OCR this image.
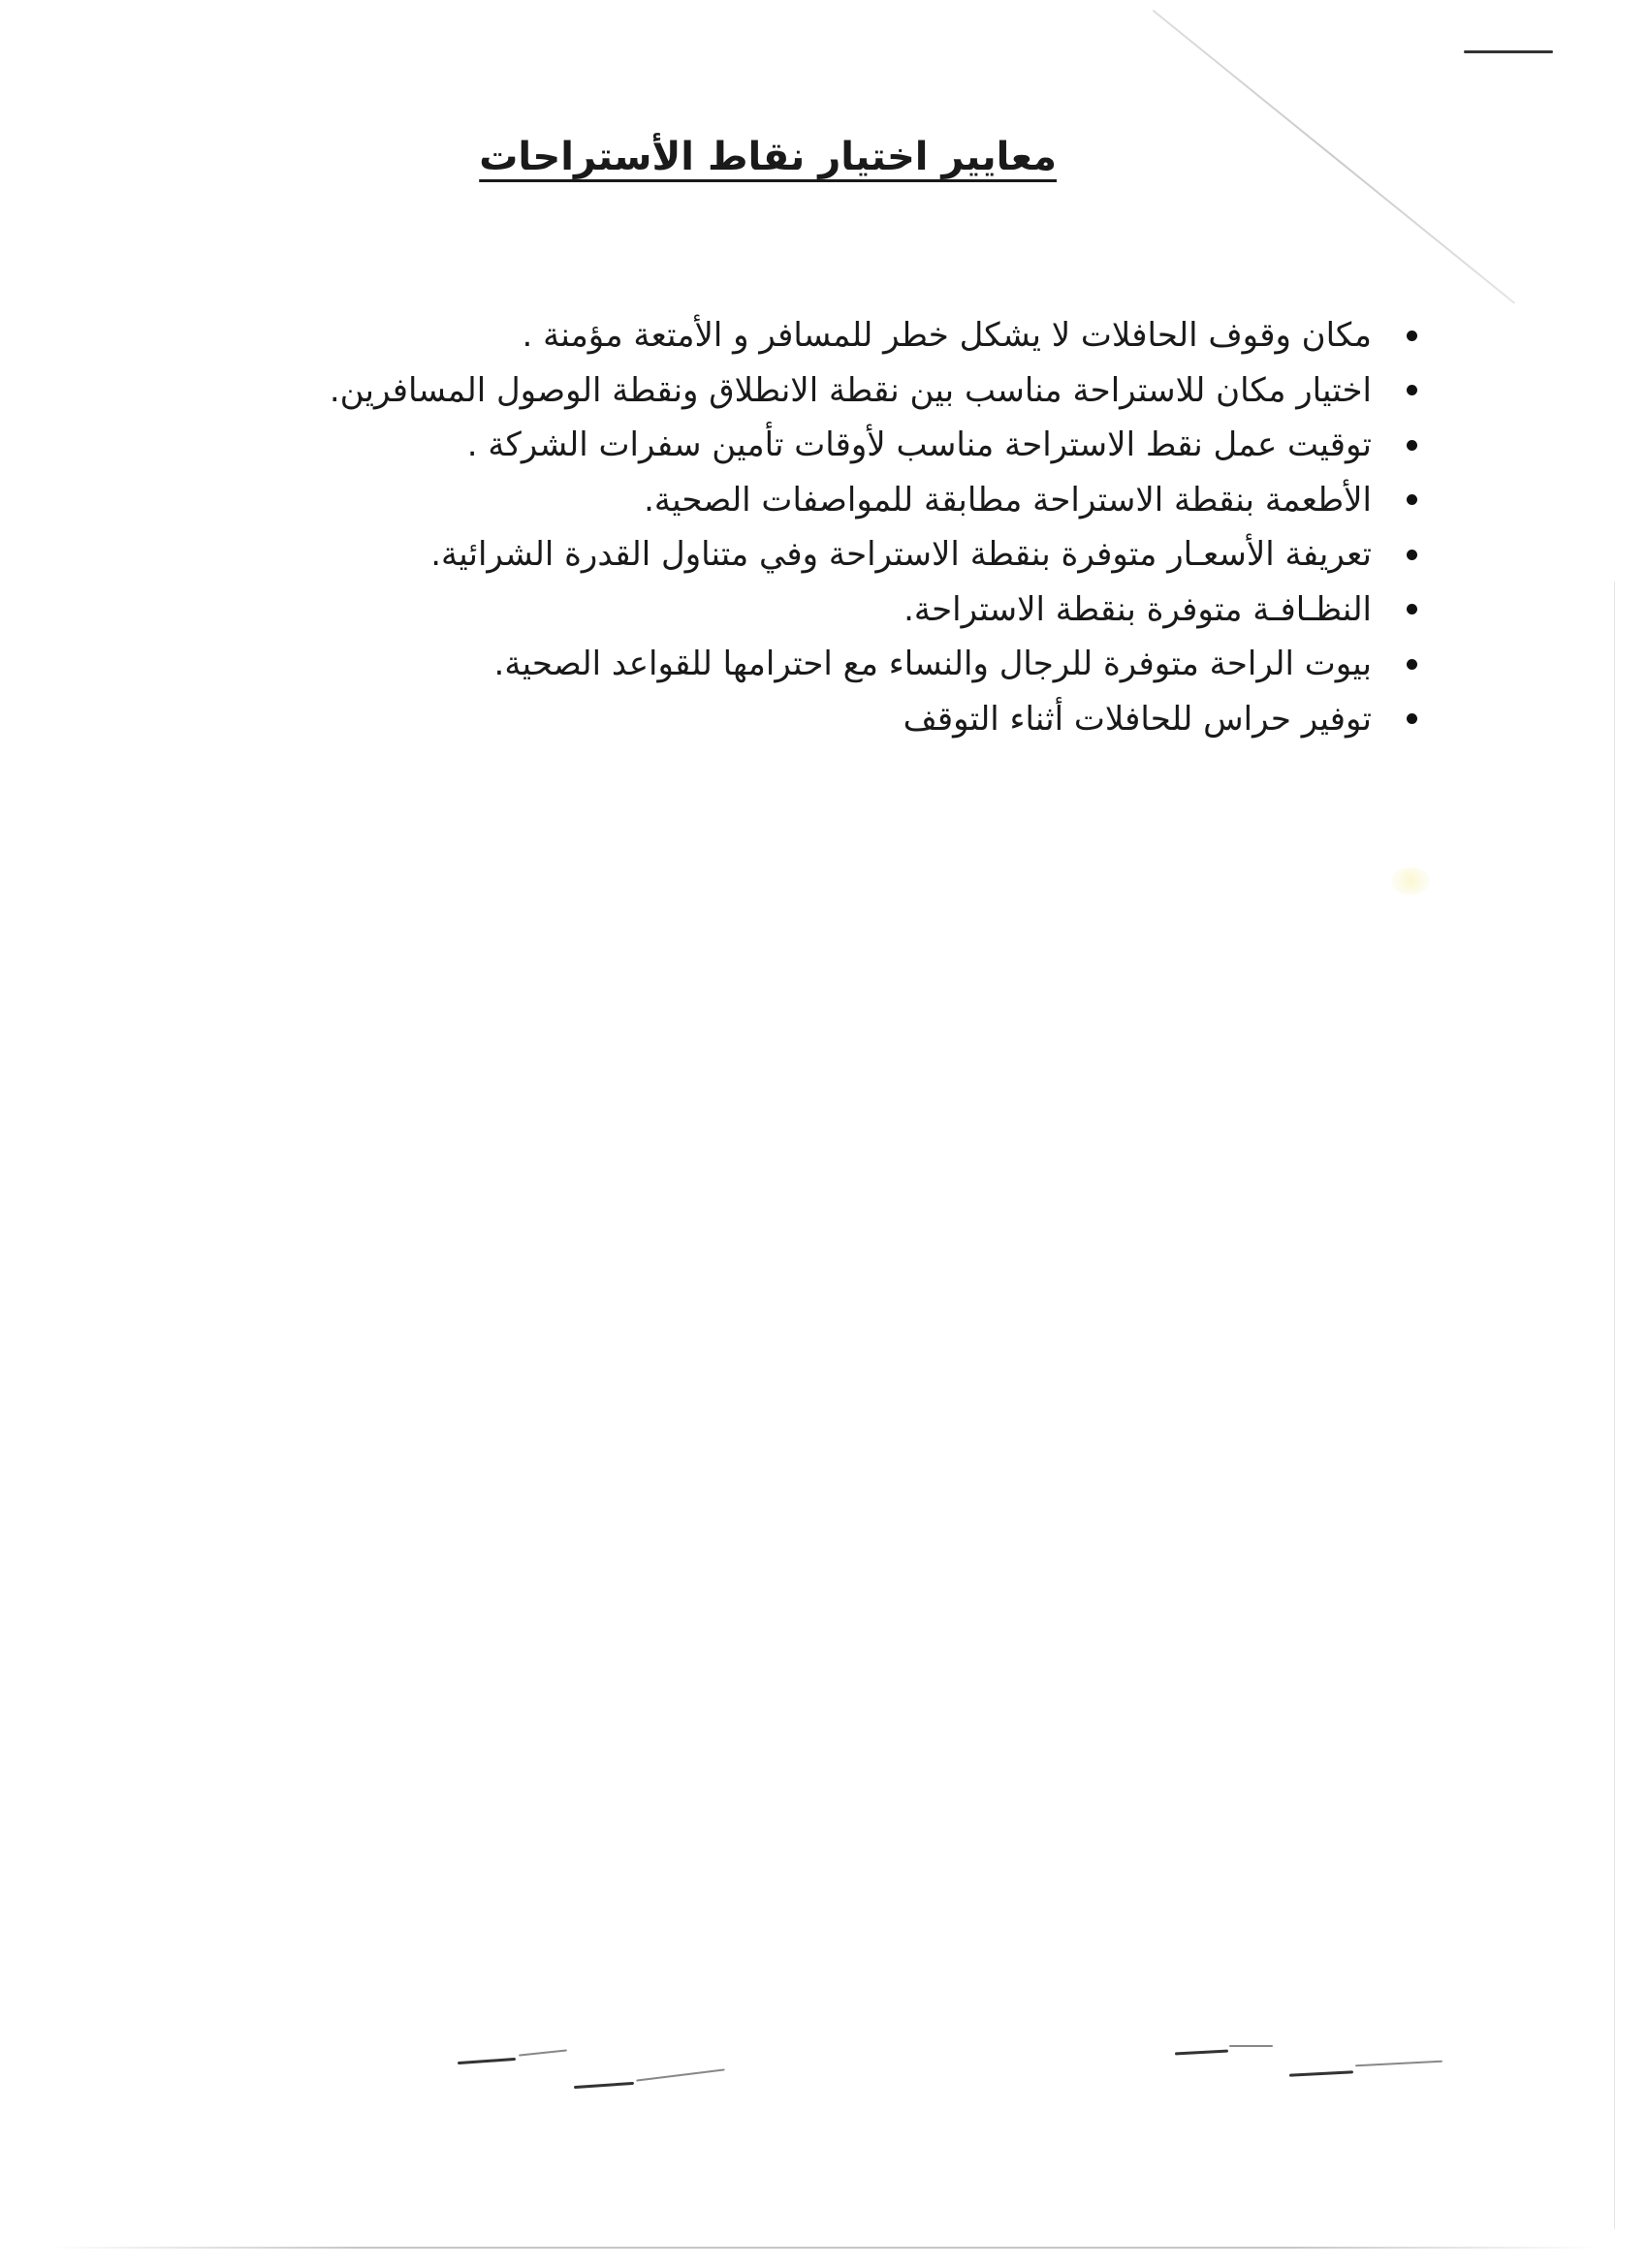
معايير اختيار نقاط الأستراحات
مكان وقوف الحافلات لا يشكل خطر للمسافر و الأمتعة مؤمنة .
اختيار مكان للاستراحة مناسب بين نقطة الانطلاق ونقطة الوصول المسافرين.
توقيت عمل نقط الاستراحة مناسب لأوقات تأمين سفرات الشركة .
الأطعمة بنقطة الاستراحة مطابقة للمواصفات الصحية.
تعريفة الأسعـار متوفرة بنقطة الاستراحة وفي متناول القدرة الشرائية.
النظـافـة متوفرة بنقطة الاستراحة.
بيوت الراحة متوفرة للرجال والنساء مع احترامها للقواعد الصحية.
توفير حراس للحافلات أثناء التوقف
